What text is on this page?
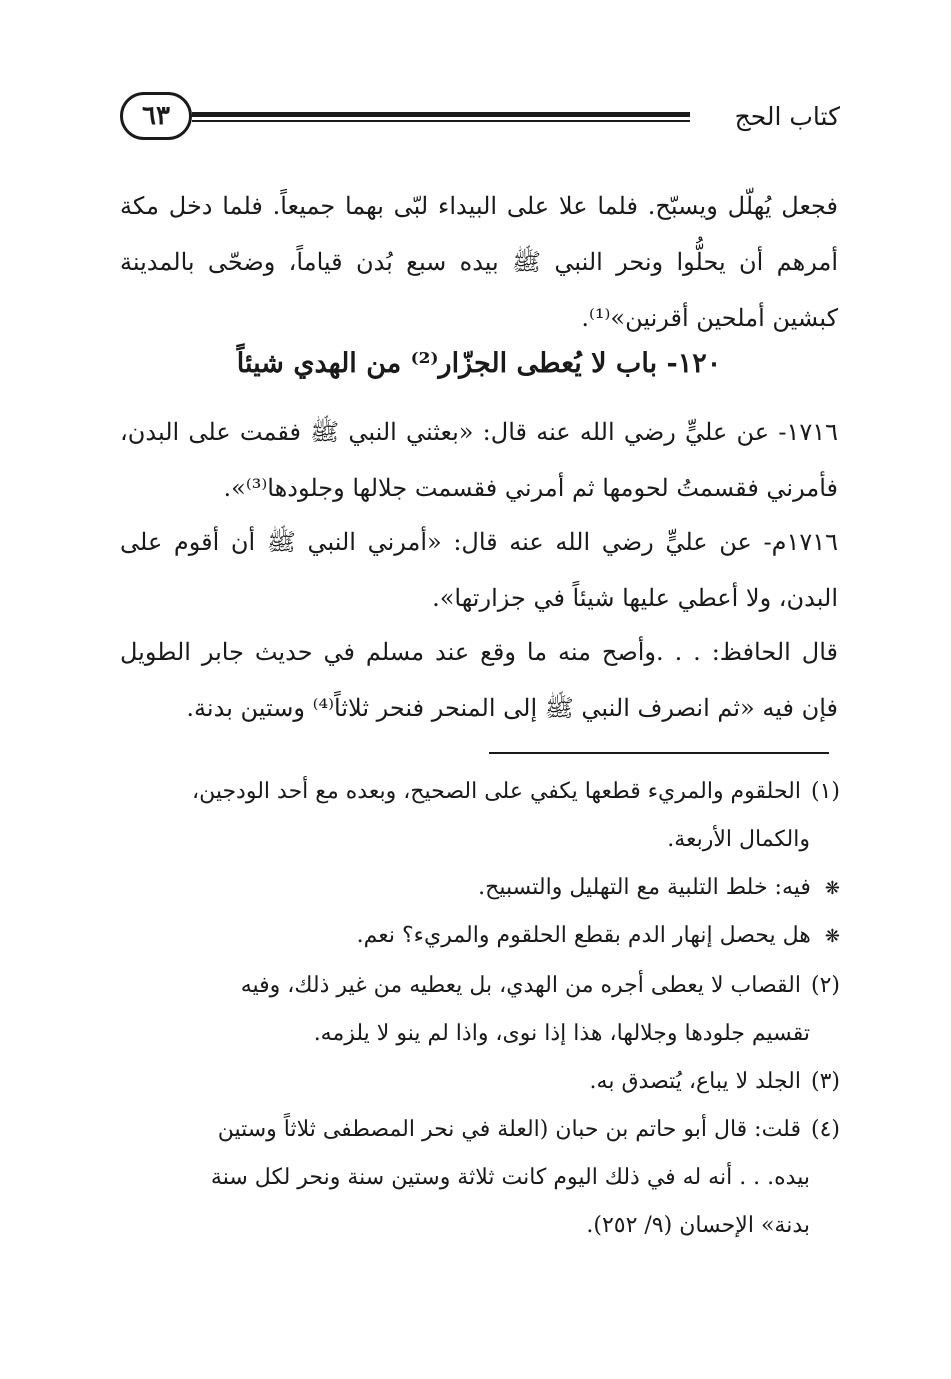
كتاب الحج
٦٣
فجعل يُهلّل ويسبّح. فلما علا على البيداء لبّى بهما جميعاً. فلما دخل مكة أمرهم أن يحلُّوا ونحر النبي ﷺ بيده سبع بُدن قياماً، وضحّى بالمدينة كبشين أملحين أقرنين»⁽¹⁾.
١٢٠- باب لا يُعطى الجزّار⁽²⁾ من الهدي شيئاً
١٧١٦- عن عليٍّ رضي الله عنه قال: «بعثني النبي ﷺ فقمت على البدن، فأمرني فقسمتُ لحومها ثم أمرني فقسمت جلالها وجلودها⁽³⁾».
١٧١٦م- عن عليٍّ رضي الله عنه قال: «أمرني النبي ﷺ أن أقوم على البدن، ولا أعطي عليها شيئاً في جزارتها».
قال الحافظ: . . .وأصح منه ما وقع عند مسلم في حديث جابر الطويل فإن فيه «ثم انصرف النبي ﷺ إلى المنحر فنحر ثلاثاً⁽⁴⁾ وستين بدنة.
(١)الحلقوم والمريء قطعها يكفي على الصحيح، وبعده مع أحد الودجين،
والكمال الأربعة.
❋فيه: خلط التلبية مع التهليل والتسبيح.
❋هل يحصل إنهار الدم بقطع الحلقوم والمريء؟ نعم.
(٢)القصاب لا يعطى أجره من الهدي، بل يعطيه من غير ذلك، وفيه
تقسيم جلودها وجلالها، هذا إذا نوى، واذا لم ينو لا يلزمه.
(٣)الجلد لا يباع، يُتصدق به.
(٤)قلت: قال أبو حاتم بن حبان (العلة في نحر المصطفى ثلاثاً وستين
بيده. . . أنه له في ذلك اليوم كانت ثلاثة وستين سنة ونحر لكل سنة
بدنة» الإحسان (٩/ ٢٥٢).
